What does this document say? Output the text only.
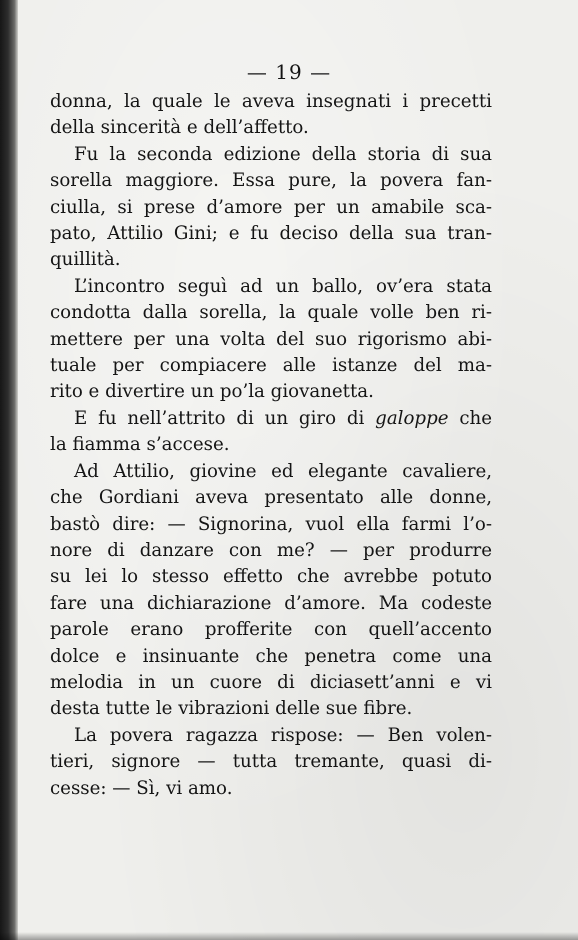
— 19 —

donna, la quale le aveva insegnati i precetti
della sincerità e dell’affetto.

Fu la seconda edizione della storia di sua
sorella maggiore. Essa pure, la povera fan-
ciulla, si prese d’amore per un amabile sca-
pato, Attilio Gini; e fu deciso della sua tran-
quillità.

L’incontro seguì ad un ballo, ov’era stata
condotta dalla sorella, la quale volle ben ri-
mettere per una volta del suo rigorismo abi-
tuale per compiacere alle istanze del ma-
rito e divertire un po’la giovanetta.

E fu nell’attrito di un giro di galoppe che
la fiamma s’accese.

Ad Attilio, giovine ed elegante cavaliere,
che Gordiani aveva presentato alle donne,
bastò dire: — Signorina, vuol ella farmi l’o-
nore di danzare con me? — per produrre
su lei lo stesso effetto che avrebbe potuto
fare una dichiarazione d’amore. Ma codeste
parole erano profferite con quell’accento
dolce e insinuante che penetra come una
melodia in un cuore di diciasett’anni e vi
desta tutte le vibrazioni delle sue fibre.

La povera ragazza rispose: — Ben volen-
tieri, signore — tutta tremante, quasi di-
cesse: — Sì, vi amo.
